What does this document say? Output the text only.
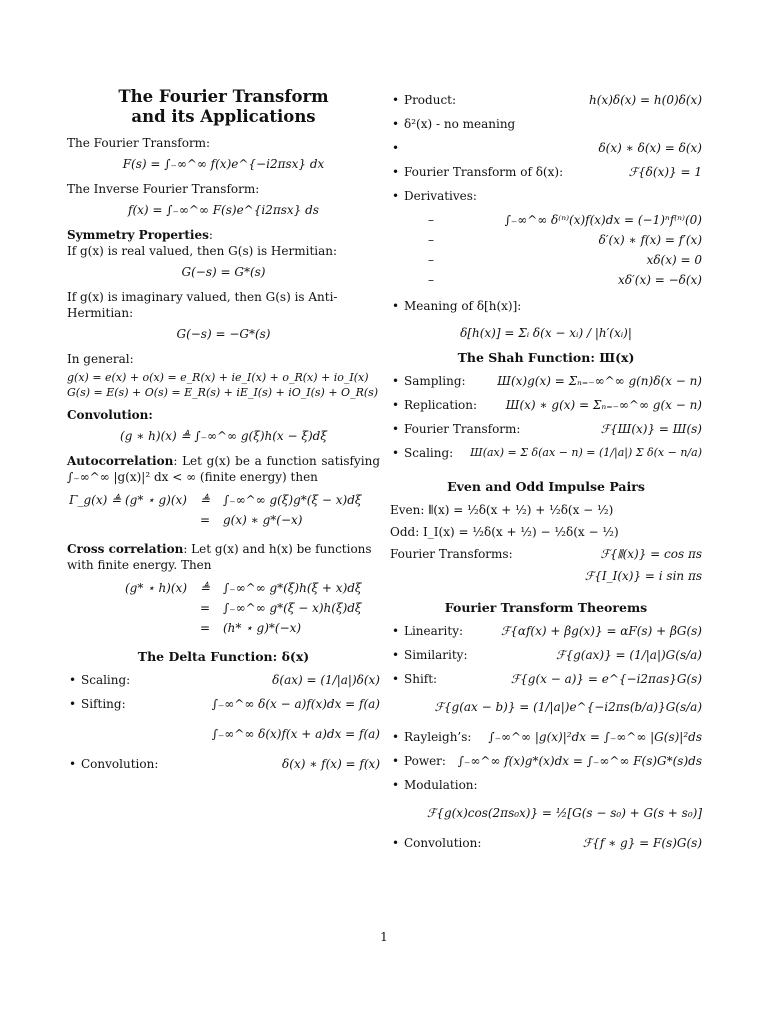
The Fourier Transform
and its Applications
The Fourier Transform:
F(s) = ∫₋∞^∞ f(x)e^{−i2πsx} dx
The Inverse Fourier Transform:
f(x) = ∫₋∞^∞ F(s)e^{i2πsx} ds
Symmetry Properties:
If g(x) is real valued, then G(s) is Hermitian:
G(−s) = G*(s)
If g(x) is imaginary valued, then G(s) is Anti-Hermitian:
G(−s) = −G*(s)
In general:
g(x) = e(x) + o(x) = e_R(x) + ie_I(x) + o_R(x) + io_I(x)
G(s) = E(s) + O(s) = E_R(s) + iE_I(s) + iO_I(s) + O_R(s)
Convolution:
(g ∗ h)(x) ≜ ∫₋∞^∞ g(ξ)h(x − ξ)dξ
Autocorrelation: Let g(x) be a function satisfying ∫₋∞^∞ |g(x)|² dx < ∞ (finite energy) then
Γ_g(x) ≜ (g* ⋆ g)(x)	≜	∫₋∞^∞ g(ξ)g*(ξ − x)dξ
=	g(x) ∗ g*(−x)
Cross correlation: Let g(x) and h(x) be functions with finite energy. Then
(g* ⋆ h)(x)	≜	∫₋∞^∞ g*(ξ)h(ξ + x)dξ
=	∫₋∞^∞ g*(ξ − x)h(ξ)dξ
=	(h* ⋆ g)*(−x)
The Delta Function: δ(x)
• Scaling:	δ(ax) = (1/|a|)δ(x)
• Sifting:	∫₋∞^∞ δ(x − a)f(x)dx = f(a)
∫₋∞^∞ δ(x)f(x + a)dx = f(a)
• Convolution:	δ(x) ∗ f(x) = f(x)
• Product:	h(x)δ(x) = h(0)δ(x)
• δ²(x) - no meaning
•	δ(x) ∗ δ(x) = δ(x)
• Fourier Transform of δ(x):	ℱ{δ(x)} = 1
• Derivatives:
–	∫₋∞^∞ δ⁽ⁿ⁾(x)f(x)dx = (−1)ⁿf⁽ⁿ⁾(0)
–	δ′(x) ∗ f(x) = f′(x)
–	xδ(x) = 0
–	xδ′(x) = −δ(x)
• Meaning of δ[h(x)]:
δ[h(x)] = Σᵢ δ(x − xᵢ) / |h′(xᵢ)|
The Shah Function: Ш(x)
• Sampling:	Ш(x)g(x) = Σₙ₌₋∞^∞ g(n)δ(x − n)
• Replication: Ш(x) ∗ g(x) = Σₙ₌₋∞^∞ g(x − n)
• Fourier Transform:	ℱ{Ш(x)} = Ш(s)
• Scaling: Ш(ax) = Σ δ(ax − n) = (1/|a|) Σ δ(x − n/a)
Even and Odd Impulse Pairs
Even: ⫴(x) = ½δ(x + ½) + ½δ(x − ½)
Odd: I_I(x) = ½δ(x + ½) − ½δ(x − ½)
Fourier Transforms:	ℱ{⫴(x)} = cos πs
ℱ{I_I(x)} = i sin πs
Fourier Transform Theorems
• Linearity:	ℱ{αf(x) + βg(x)} = αF(s) + βG(s)
• Similarity:	ℱ{g(ax)} = (1/|a|)G(s/a)
• Shift:	ℱ{g(x − a)} = e^{−i2πas}G(s)
ℱ{g(ax − b)} = (1/|a|)e^{−i2πs(b/a)}G(s/a)
• Rayleigh’s: ∫₋∞^∞ |g(x)|²dx = ∫₋∞^∞ |G(s)|²ds
• Power: ∫₋∞^∞ f(x)g*(x)dx = ∫₋∞^∞ F(s)G*(s)ds
• Modulation:
ℱ{g(x)cos(2πs₀x)} = ½[G(s − s₀) + G(s + s₀)]
• Convolution:	ℱ{f ∗ g} = F(s)G(s)
1
